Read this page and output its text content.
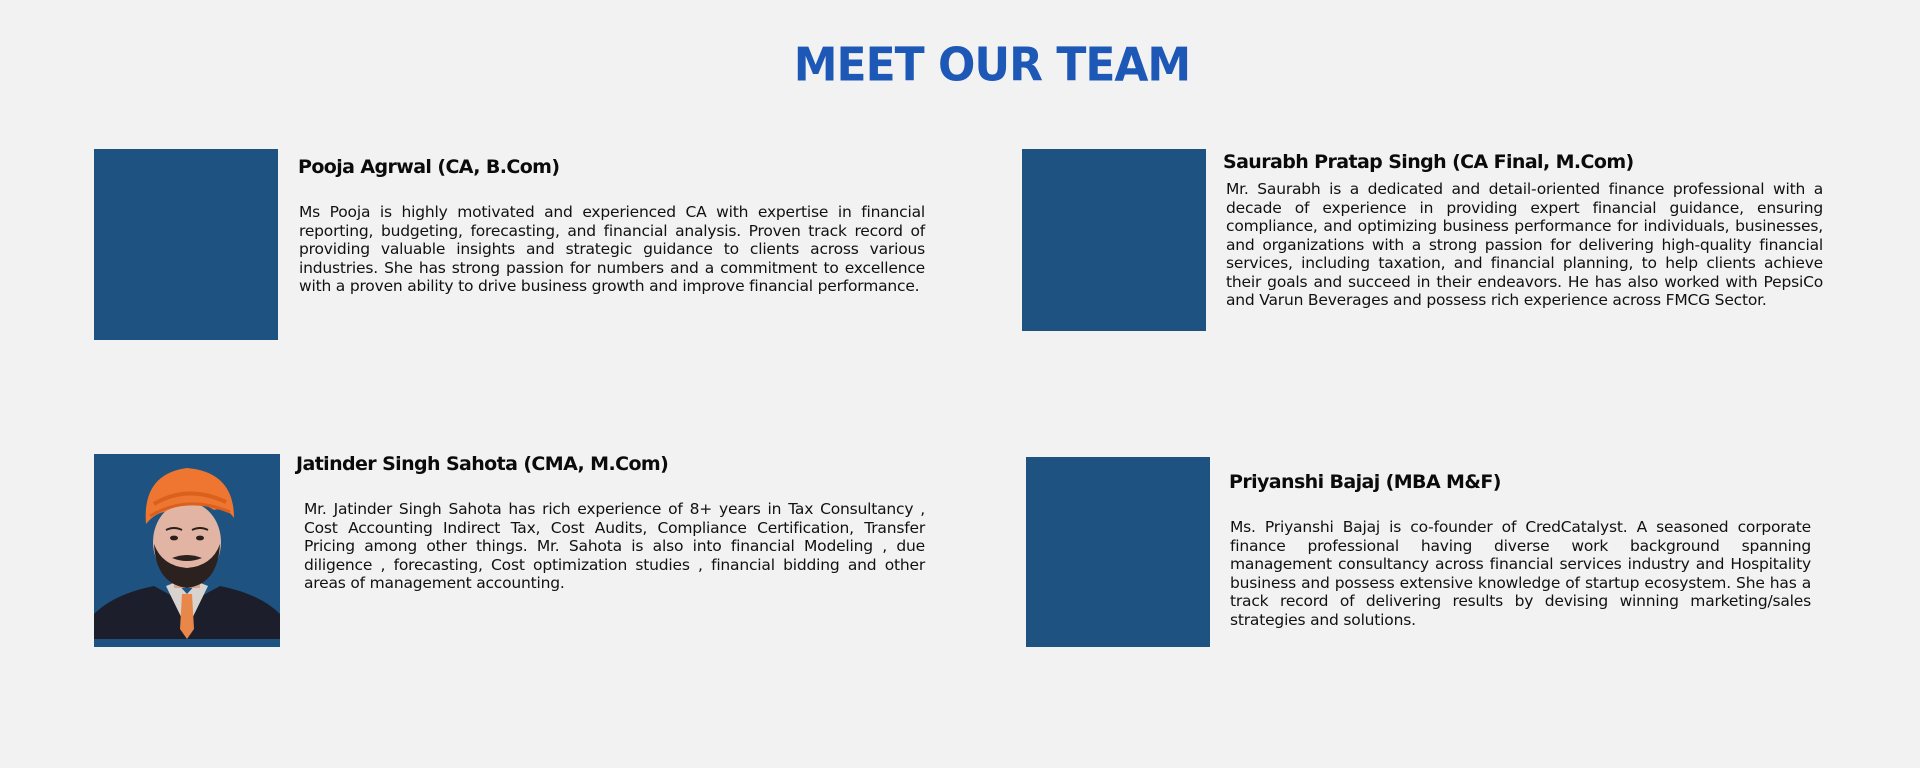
MEET OUR TEAM
Pooja Agrwal (CA, B.Com)
Ms Pooja is highly motivated and experienced CA with expertise in financial reporting, budgeting, forecasting, and financial analysis. Proven track record of providing valuable insights and strategic guidance to clients across various industries. She has strong passion for numbers and a commitment to excellence with a proven ability to drive business growth and improve financial performance.
Saurabh Pratap Singh (CA Final, M.Com)
Mr. Saurabh is a dedicated and detail-oriented finance professional with a decade of experience in providing expert financial guidance, ensuring compliance, and optimizing business performance for individuals, businesses, and organizations with a strong passion for delivering high-quality financial services, including taxation, and financial planning, to help clients achieve their goals and succeed in their endeavors. He has also worked with PepsiCo and Varun Beverages and possess rich experience across FMCG Sector.
Jatinder Singh Sahota (CMA, M.Com)
Mr. Jatinder Singh Sahota has rich experience of 8+ years in Tax Consultancy , Cost Accounting Indirect Tax, Cost Audits, Compliance Certification, Transfer Pricing among other things. Mr. Sahota is also into financial Modeling , due diligence , forecasting, Cost optimization studies , financial bidding and other areas of management accounting.
Priyanshi Bajaj (MBA M&F)
Ms. Priyanshi Bajaj is co-founder of CredCatalyst. A seasoned corporate finance professional having diverse work background spanning management consultancy across financial services industry and Hospitality business and possess extensive knowledge of startup ecosystem. She has a track record of delivering results by devising winning marketing/sales strategies and solutions.
